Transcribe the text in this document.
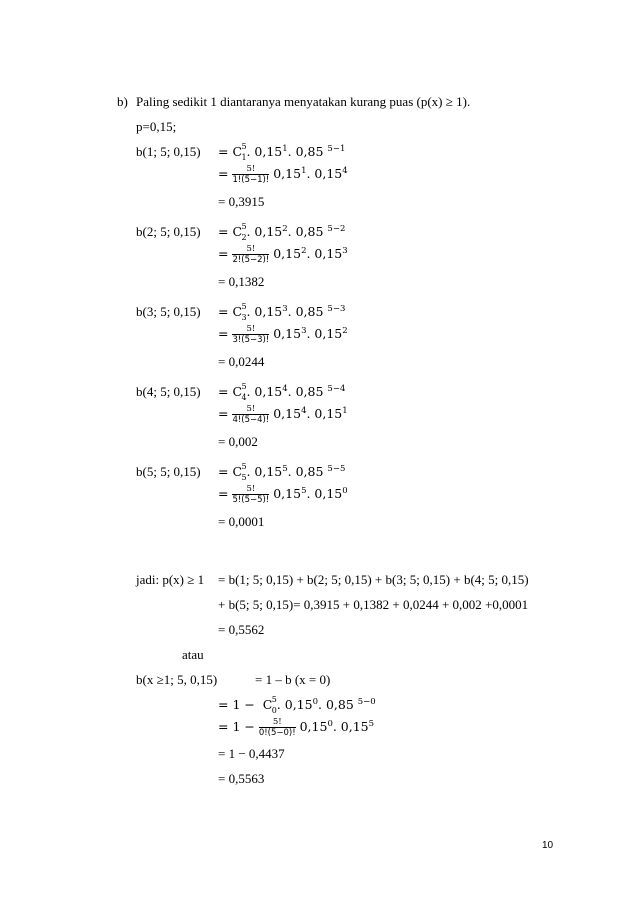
b) Paling sedikit 1 diantaranya menyatakan kurang puas (p(x) ≥ 1).
p=0,15;
b(1; 5; 0,15) = C 5
1 . 0,15$^1$. 0,85 $^{5-1}$
= $\frac{5!}{1!(5-1)!} 0,15^1$. $0,15^4$
= 0,3915
b(2; 5; 0,15) = C 5
2 . 0,15$^2$. 0,85 $^{5-2}$
= $\frac{5!}{2!(5-2)!} 0,15^2$. $0,15^3$
= 0,1382
b(3; 5; 0,15) = C 5
3 . 0,15$^3$. 0,85 $^{5-3}$
= $\frac{5!}{3!(5-3)!} 0,15^3$. $0,15^2$
= 0,0244
b(4; 5; 0,15) = C 5
4 . 0,15$^4$. 0,85 $^{5-4}$
= $\frac{5!}{4!(5-4)!} 0,15^4$. $0,15^1$
= 0,002
b(5; 5; 0,15) = C 5
5 . 0,15$^5$. 0,85 $^{5-5}$
= $\frac{5!}{5!(5-5)!} 0,15^5$. $0,15^0$
= 0,0001
jadi: p(x) ≥ 1 = b(1; 5; 0,15) + b(2; 5; 0,15) + b(3; 5; 0,15) + b(4; 5; 0,15)
+ b(5; 5; 0,15)= 0,3915 + 0,1382 + 0,0244 + 0,002 +0,0001
= 0,5562
atau
b(x ≥1; 5, 0,15)	= 1 – b (x = 0)
= 1 − C 5
0 . 0,15$^0$. 0,85 $^{5-0}$
= $1 - \frac{5!}{0!(5-0)!} 0,15^0$. $0,15^5$
= 1 − 0,4437
= 0,5563
10
